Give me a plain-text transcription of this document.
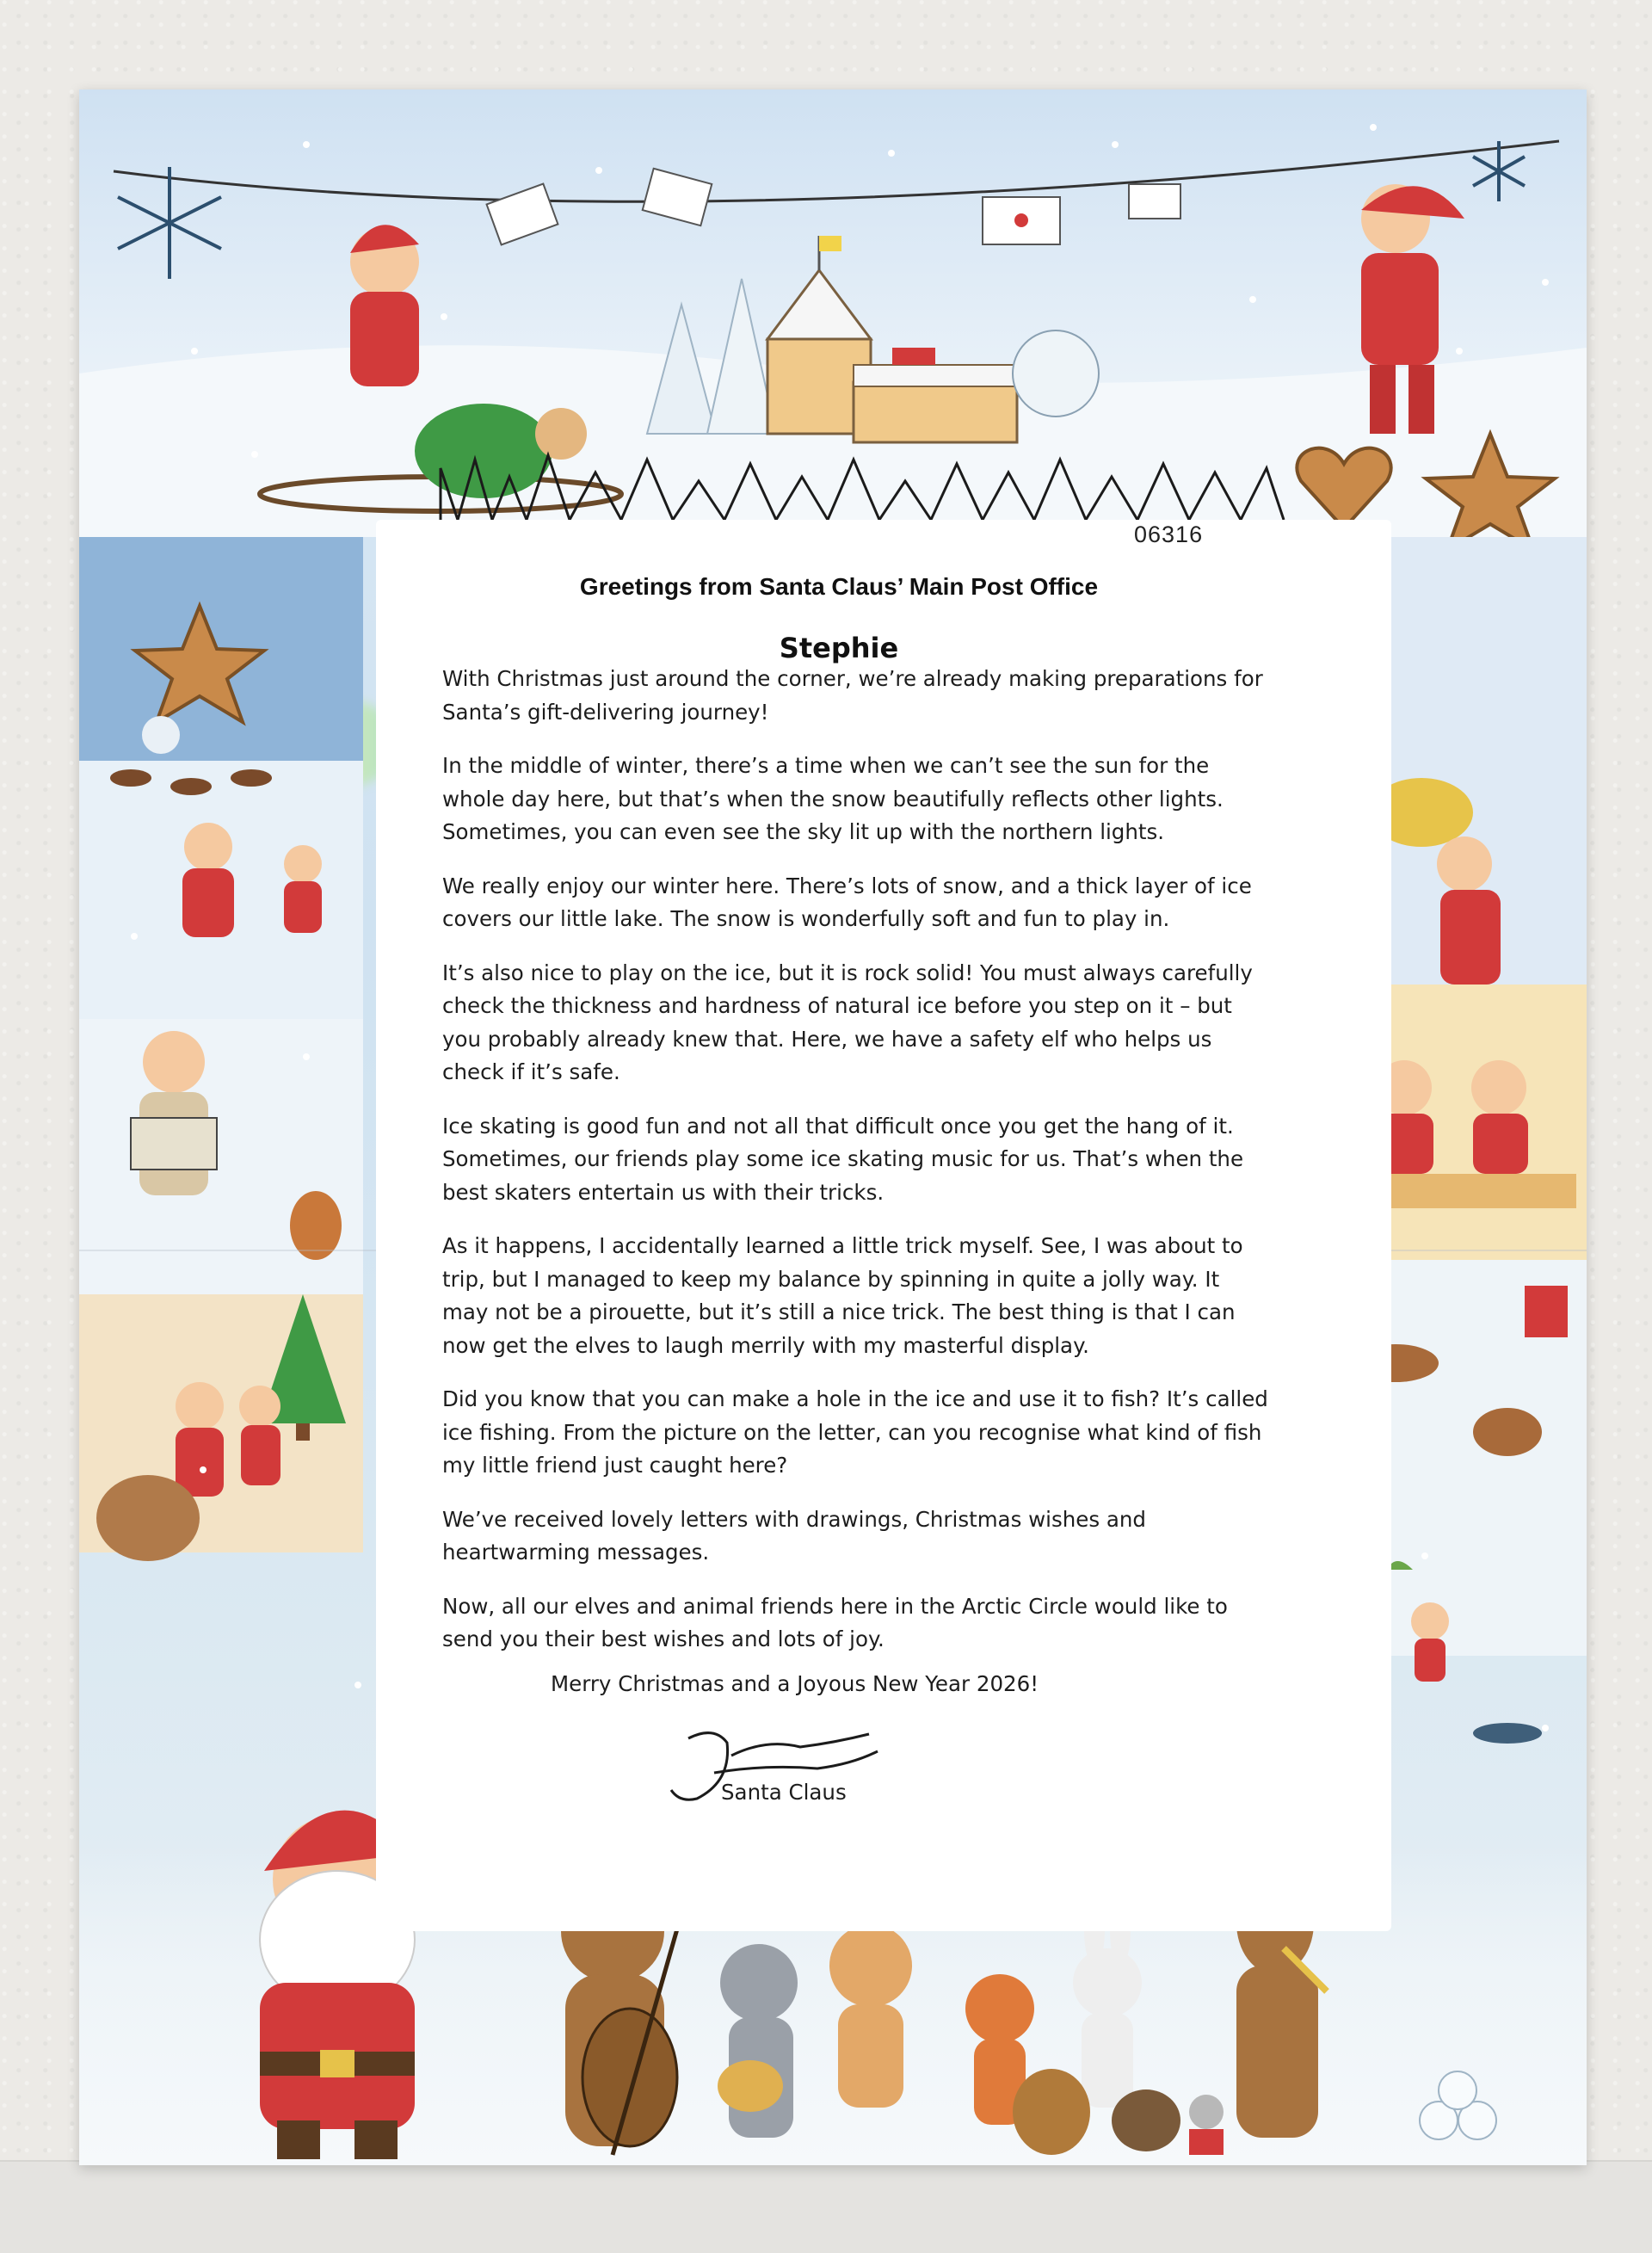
06316
Greetings from Santa Claus’ Main Post Office
Stephie

With Christmas just around the corner, we’re already making preparations for Santa’s gift-delivering journey!

In the middle of winter, there’s a time when we can’t see the sun for the whole day here, but that’s when the snow beautifully reflects other lights. Sometimes, you can even see the sky lit up with the northern lights.

We really enjoy our winter here. There’s lots of snow, and a thick layer of ice covers our little lake. The snow is wonderfully soft and fun to play in.

It’s also nice to play on the ice, but it is rock solid! You must always carefully check the thickness and hardness of natural ice before you step on it – but you probably already knew that. Here, we have a safety elf who helps us check if it’s safe.

Ice skating is good fun and not all that difficult once you get the hang of it. Sometimes, our friends play some ice skating music for us. That’s when the best skaters entertain us with their tricks.

As it happens, I accidentally learned a little trick myself. See, I was about to trip, but I managed to keep my balance by spinning in quite a jolly way. It may not be a pirouette, but it’s still a nice trick. The best thing is that I can now get the elves to laugh merrily with my masterful display.

Did you know that you can make a hole in the ice and use it to fish? It’s called ice fishing. From the picture on the letter, can you recognise what kind of fish my little friend just caught here?

We’ve received lovely letters with drawings, Christmas wishes and heartwarming messages.

Now, all our elves and animal friends here in the Arctic Circle would like to send you their best wishes and lots of joy.

Merry Christmas and a Joyous New Year 2026!
Santa Claus
